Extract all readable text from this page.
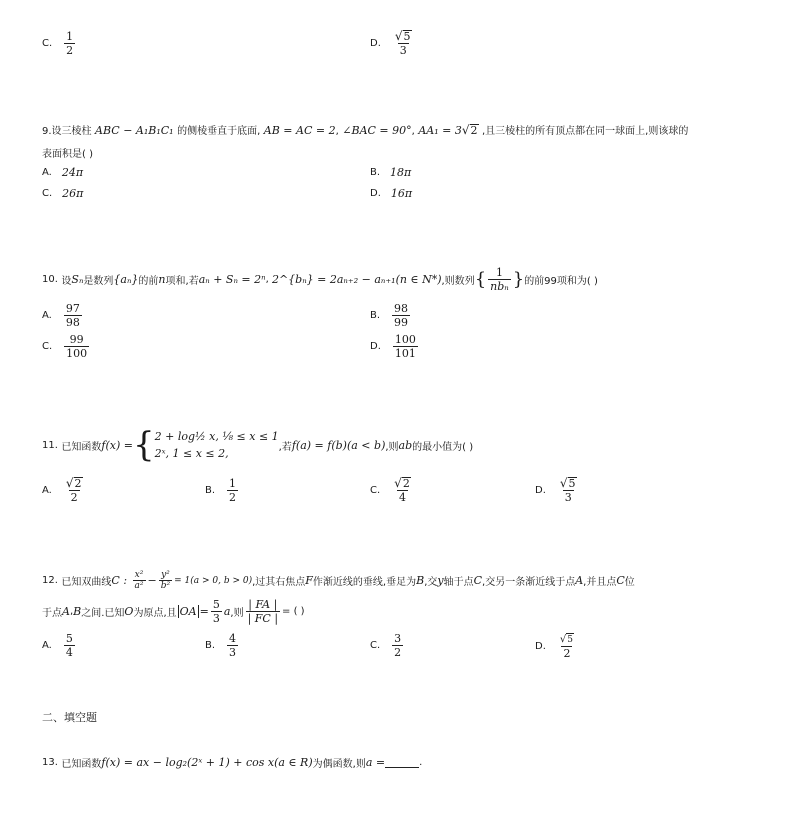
C. $\frac{1}{2}$	D. $\frac{√ 5}{3}$
9.设三棱柱 ABC − A₁B₁C₁ 的侧棱垂直于底面, AB = AC = 2, ∠BAC = 90°, AA₁ = 3 √ 2 ,且三棱柱的所有顶点都在同一球面上,则该球的
表面积是( )
A. 24π	B. 18π
C. 26π	D. 16π
10.
设 Sₙ 是数列 {aₙ} 的前 n 项和,若 aₙ + Sₙ = 2ⁿ , 2^{bₙ} = 2aₙ₊₂ − aₙ₊₁ (n ∈ N*) ,则数列 { $\frac{1}{\text{nbₙ}}$ } 的前99项和为( )
A. $\frac{97}{98}$	B. $\frac{98}{99}$
C. $\frac{99}{100}$	D. $\frac{100}{101}$
11.
已知函数 f(x) = { 2 + log½ x, ⅛ ≤ x ≤ 1
2ˣ, 1 ≤ x ≤ 2,	,若 f(a) = f(b)(a < b) ,则 ab 的最小值为( )
A. $\frac{√ 2}{2}$	B. $\frac{1}{2}$	C. $\frac{√ 2}{4}$	D. $\frac{√ 5}{3}$
12.
已知双曲线 C :
$\frac{\text{x²}}{\text{a²}} - \frac{\text{y²}}{\text{b²}} = 1(a > 0$, b > 0) ,过其右焦点 F 作渐近线的垂线,垂足为 B ,交 y 轴于点 C ,交另一条渐近线于点 A ,并且点 C 位
于点 A , B 之间.已知 O 为原点,且 OA = $\frac{5}{3}$ a ,则 $\frac{| FA |}{| FC |}$ = ( )
A. $\frac{5}{4}$	B. $\frac{4}{3}$	C. $\frac{3}{2}$	D. $\frac{√ 5}{2}$
二、填空题
13.
已知函数 f(x) = ax − log₂(2ˣ + 1) + cos x(a ∈ R) 为偶函数,则 a =	.
